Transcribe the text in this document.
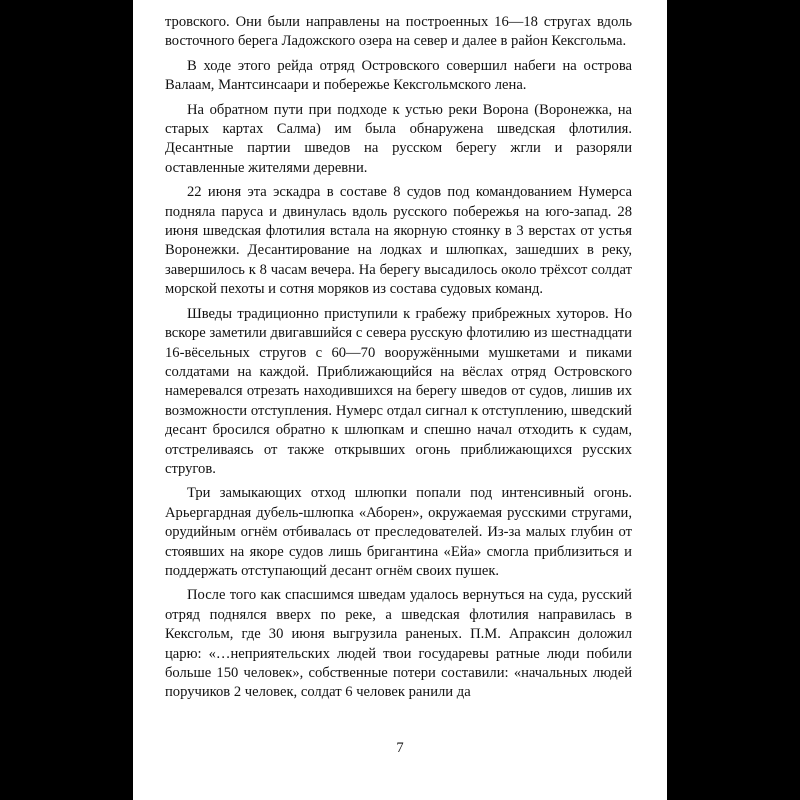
тровского. Они были направлены на построенных 16—18 стругах вдоль восточного берега Ладожского озера на север и далее в район Кексгольма.

В ходе этого рейда отряд Островского совершил набеги на острова Валаам, Мантсинсаари и побережье Кексгольмского лена.

На обратном пути при подходе к устью реки Ворона (Воронежка, на старых картах Салма) им была обнаружена шведская флотилия. Десантные партии шведов на русском берегу жгли и разоряли оставленные жителями деревни.

22 июня эта эскадра в составе 8 судов под командованием Нумерса подняла паруса и двинулась вдоль русского побережья на юго-запад. 28 июня шведская флотилия встала на якорную стоянку в 3 верстах от устья Воронежки. Десантирование на лодках и шлюпках, зашедших в реку, завершилось к 8 часам вечера. На берегу высадилось около трёхсот солдат морской пехоты и сотня моряков из состава судовых команд.

Шведы традиционно приступили к грабежу прибрежных хуторов. Но вскоре заметили двигавшийся с севера русскую флотилию из шестнадцати 16-вёсельных стругов с 60—70 вооружёнными мушкетами и пиками солдатами на каждой. Приближающийся на вёслах отряд Островского намеревался отрезать находившихся на берегу шведов от судов, лишив их возможности отступления. Нумерс отдал сигнал к отступлению, шведский десант бросился обратно к шлюпкам и спешно начал отходить к судам, отстреливаясь от также открывших огонь приближающихся русских стругов.

Три замыкающих отход шлюпки попали под интенсивный огонь. Арьергардная дубель-шлюпка «Аборен», окружаемая русскими стругами, орудийным огнём отбивалась от преследователей. Из-за малых глубин от стоявших на якоре судов лишь бригантина «Ейа» смогла приблизиться и поддержать отступающий десант огнём своих пушек.

После того как спасшимся шведам удалось вернуться на суда, русский отряд поднялся вверх по реке, а шведская флотилия направилась в Кексгольм, где 30 июня выгрузила раненых. П.М. Апраксин доложил царю: «…неприятельских людей твои государевы ратные люди побили больше 150 человек», собственные потери составили: «начальных людей поручиков 2 человек, солдат 6 человек ранили да

7
